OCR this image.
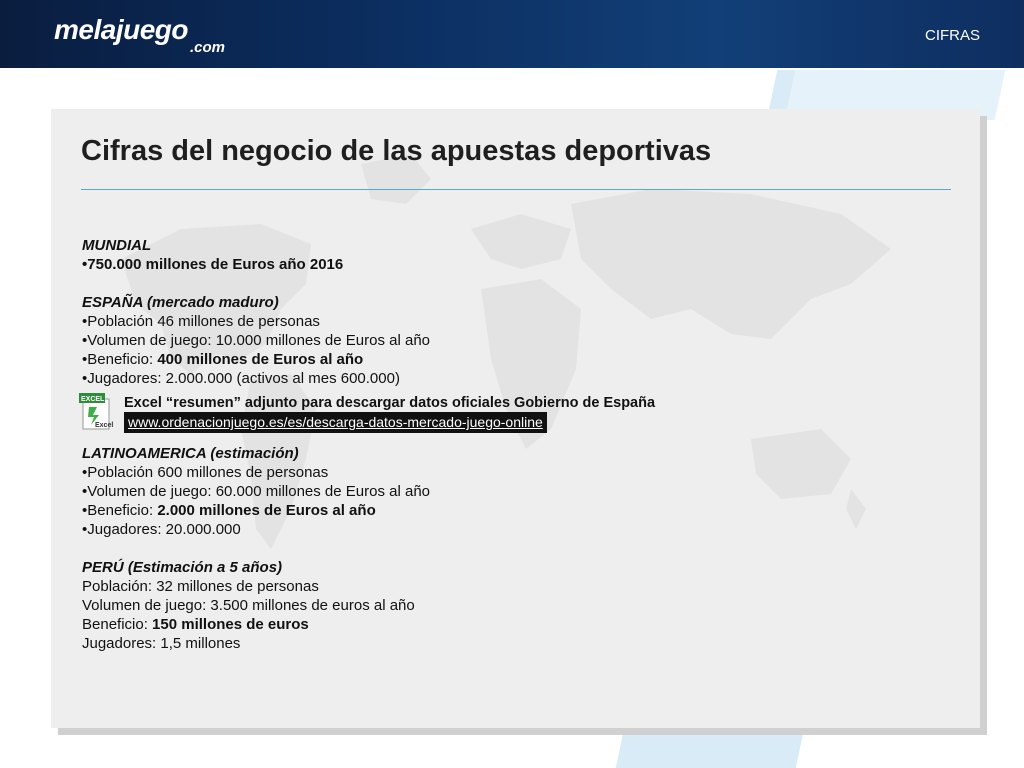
melajuego
.com
CIFRAS
Cifras del negocio de las apuestas deportivas
MUNDIAL
•750.000 millones de Euros año 2016
ESPAÑA (mercado maduro)
•Población 46 millones de personas
•Volumen de juego: 10.000 millones de Euros al año
•Beneficio: 400 millones de Euros al año
•Jugadores: 2.000.000 (activos al mes 600.000)
EXCEL
Excel
Excel “resumen” adjunto para descargar datos oficiales Gobierno de España
www.ordenacionjuego.es/es/descarga-datos-mercado-juego-online
LATINOAMERICA (estimación)
•Población 600 millones de personas
•Volumen de juego: 60.000 millones de Euros al año
•Beneficio: 2.000 millones de Euros al año
•Jugadores: 20.000.000
PERÚ (Estimación a 5 años)
Población: 32 millones de personas
Volumen de juego: 3.500 millones de euros al año
Beneficio: 150 millones de euros
Jugadores: 1,5 millones
